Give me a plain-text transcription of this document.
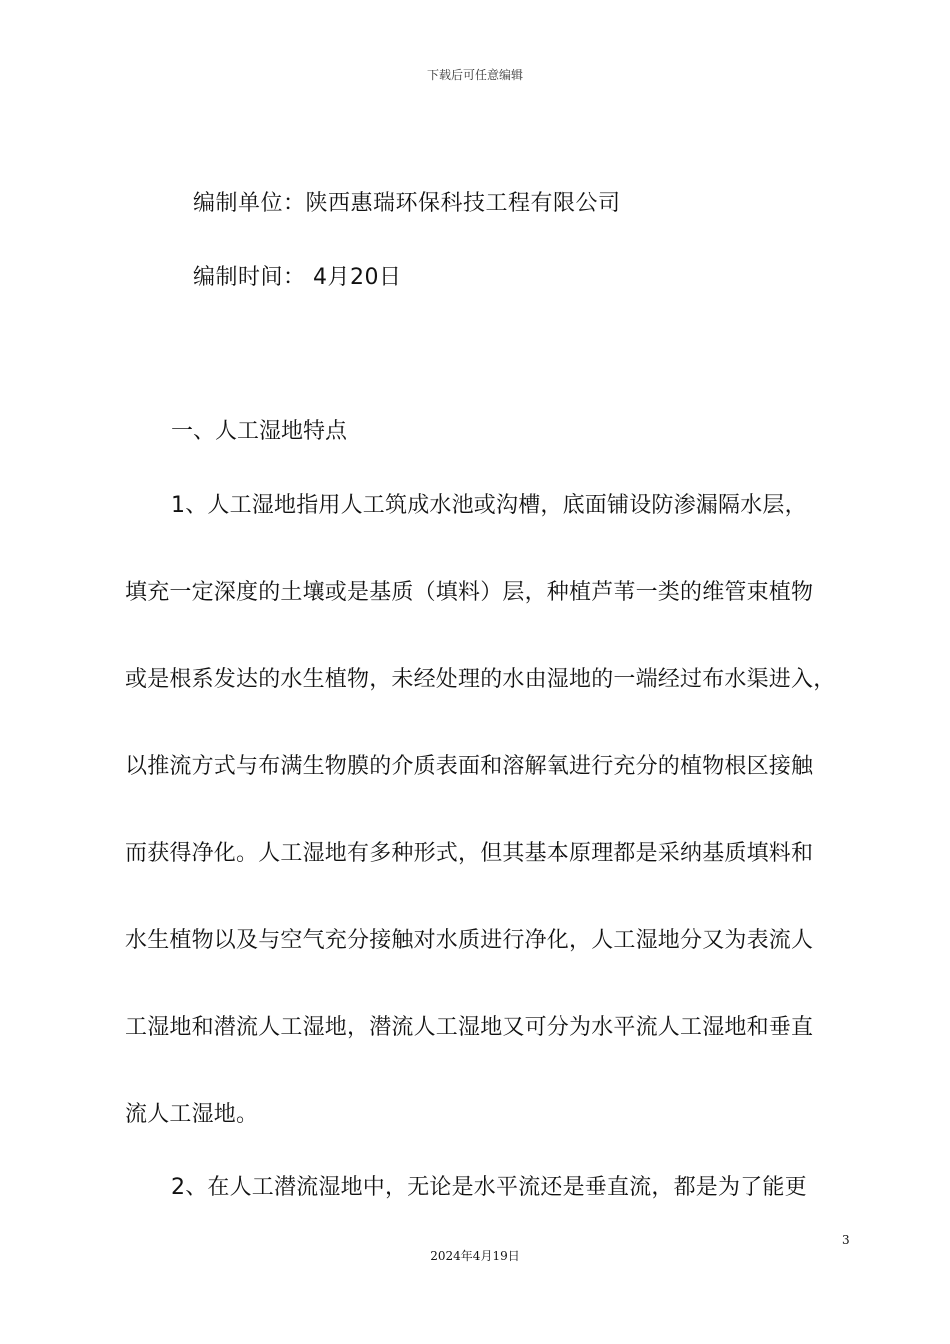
下载后可任意编辑
编制单位：陕西惠瑞环保科技工程有限公司
编制时间： 4月20日
一、人工湿地特点
1、人工湿地指用人工筑成水池或沟槽，底面铺设防渗漏隔水层，
填充一定深度的土壤或是基质（填料）层，种植芦苇一类的维管束植物
或是根系发达的水生植物，未经处理的水由湿地的一端经过布水渠进入，
以推流方式与布满生物膜的介质表面和溶解氧进行充分的植物根区接触
而获得净化。人工湿地有多种形式，但其基本原理都是采纳基质填料和
水生植物以及与空气充分接触对水质进行净化，人工湿地分又为表流人
工湿地和潜流人工湿地，潜流人工湿地又可分为水平流人工湿地和垂直
流人工湿地。
2、在人工潜流湿地中，无论是水平流还是垂直流，都是为了能更
3
2024年4月19日
